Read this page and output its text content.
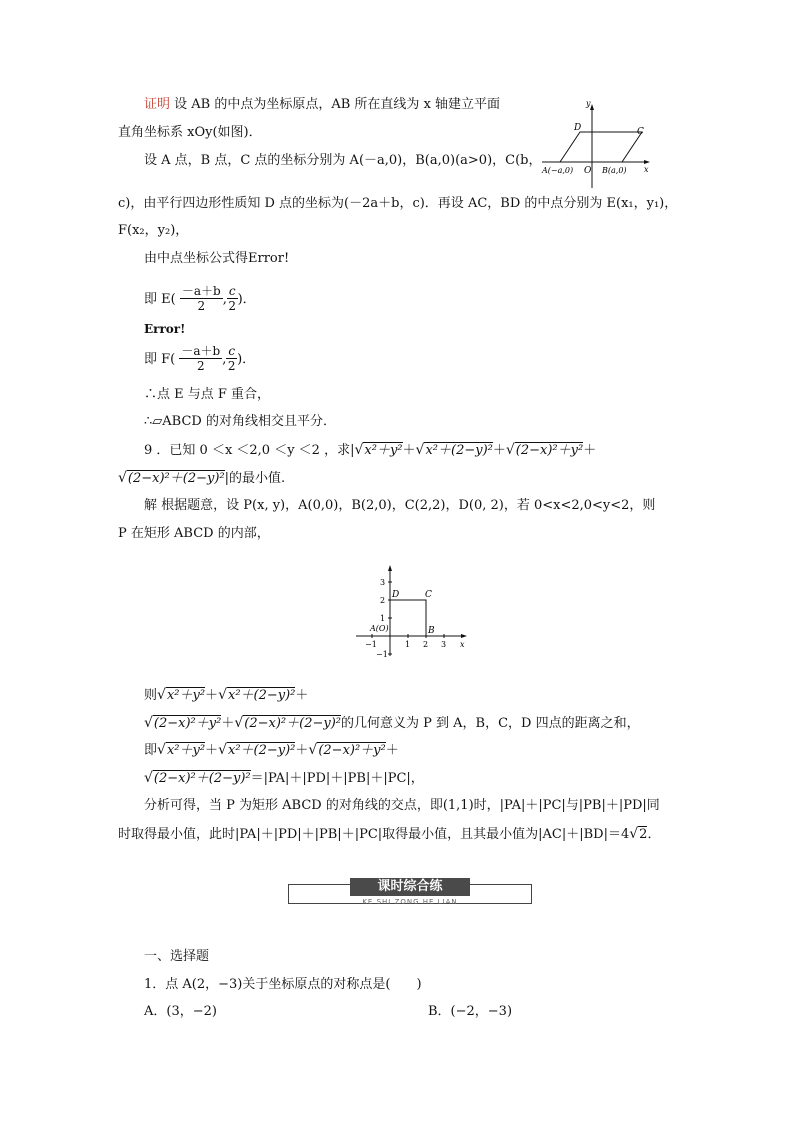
证明 设 AB 的中点为坐标原点，AB 所在直线为 x 轴建立平面
直角坐标系 xOy(如图)．
设 A 点，B 点，C 点的坐标分别为 A(－a,0)，B(a,0)(a>0)，C(b，
y
x
D	C
O
A(−a,0)	B(a,0)
c)，由平行四边形性质知 D 点的坐标为(－2a＋b，c)．再设 AC，BD 的中点分别为 E(x₁，y₁)，
F(x₂，y₂)，
由中点坐标公式得Error!
即 $E( \frac{-a+b}{2}$ , $\frac{c}{2}$ )．
Error!
即 $F( \frac{-a+b}{2}$ , $\frac{c}{2}$ )．
∴点 E 与点 F 重合，
∴▱ABCD 的对角线相交且平分．
9 ．已知 0 ＜x ＜2,0 ＜y ＜2 ，求|√x²＋y²＋√x²＋(2−y)²＋√(2−x)²＋y²＋
√(2−x)²＋(2−y)²|的最小值.
解 根据题意，设 P(x, y)，A(0,0)，B(2,0)，C(2,2)，D(0, 2)，若 0<x<2,0<y<2，则
P 在矩形 ABCD 的内部，
D	C
A(O)	B
x
3
2
1
−1
−1	1 2 3
则√x²＋y²＋√x²＋(2−y)²＋
√(2−x)²＋y²＋√(2−x)²＋(2−y)²的几何意义为 P 到 A，B，C，D 四点的距离之和，
即√x²＋y²＋√x²＋(2−y)²＋√(2−x)²＋y²＋
√(2−x)²＋(2−y)²＝|PA|＋|PD|＋|PB|＋|PC|，
分析可得，当 P 为矩形 ABCD 的对角线的交点，即(1,1)时，|PA|＋|PC|与|PB|＋|PD|同
时取得最小值，此时|PA|＋|PD|＋|PB|＋|PC|取得最小值，且其最小值为|AC|＋|BD|＝4√2．
课时综合练
KE SHI ZONG HE LIAN
一、选择题
1．点 A(2，−3)关于坐标原点的对称点是(　　)
A．(3，−2)	B．(−2，−3)
